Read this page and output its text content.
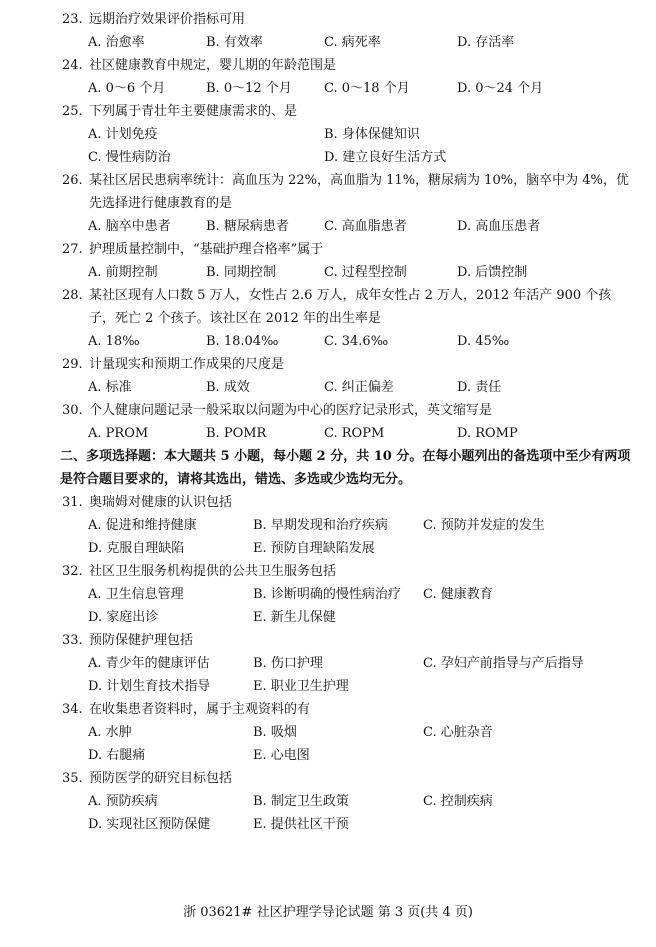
23. 远期治疗效果评价指标可用

A. 治愈率	B. 有效率	C. 病死率	D. 存活率

24. 社区健康教育中规定，婴儿期的年龄范围是

A. 0～6 个月	B. 0～12 个月 C. 0～18 个月	D. 0～24 个月

25. 下列属于青壮年主要健康需求的、是

A. 计划免疫	B. 身体保健知识
C. 慢性病防治	D. 建立良好生活方式

26. 某社区居民患病率统计：高血压为 22%，高血脂为 11%，糖尿病为 10%，脑卒中为 4%，优先选择进行健康教育的是

A. 脑卒中患者	B. 糖尿病患者	C. 高血脂患者	D. 高血压患者

27. 护理质量控制中，“基础护理合格率”属于

A. 前期控制	B. 同期控制	C. 过程型控制	D. 后馈控制

28. 某社区现有人口数 5 万人，女性占 2.6 万人，成年女性占 2 万人，2012 年活产 900 个孩子，死亡 2 个孩子。该社区在 2012 年的出生率是

A. 18‰	B. 18.04‰	C. 34.6‰	D. 45‰

29. 计量现实和预期工作成果的尺度是

A. 标准	B. 成效	C. 纠正偏差	D. 责任

30. 个人健康问题记录一般采取以问题为中心的医疗记录形式，英文缩写是

A. PROM	B. POMR	C. ROPM	D. ROMP

二、多项选择题：本大题共 5 小题，每小题 2 分，共 10 分。在每小题列出的备选项中至少有两项是符合题目要求的，请将其选出，错选、多选或少选均无分。

31. 奥瑞姆对健康的认识包括

A. 促进和维持健康	B. 早期发现和治疗疾病	C. 预防并发症的发生
D. 克服自理缺陷	E. 预防自理缺陷发展

32. 社区卫生服务机构提供的公共卫生服务包括

A. 卫生信息管理	B. 诊断明确的慢性病治疗 C. 健康教育
D. 家庭出诊	E. 新生儿保健

33. 预防保健护理包括

A. 青少年的健康评估	B. 伤口护理	C. 孕妇产前指导与产后指导
D. 计划生育技术指导	E. 职业卫生护理

34. 在收集患者资料时，属于主观资料的有

A. 水肿	B. 吸烟	C. 心脏杂音
D. 右腿痛	E. 心电图

35. 预防医学的研究目标包括

A. 预防疾病	B. 制定卫生政策	C. 控制疾病
D. 实现社区预防保健	E. 提供社区干预
浙 03621# 社区护理学导论试题 第 3 页(共 4 页)
